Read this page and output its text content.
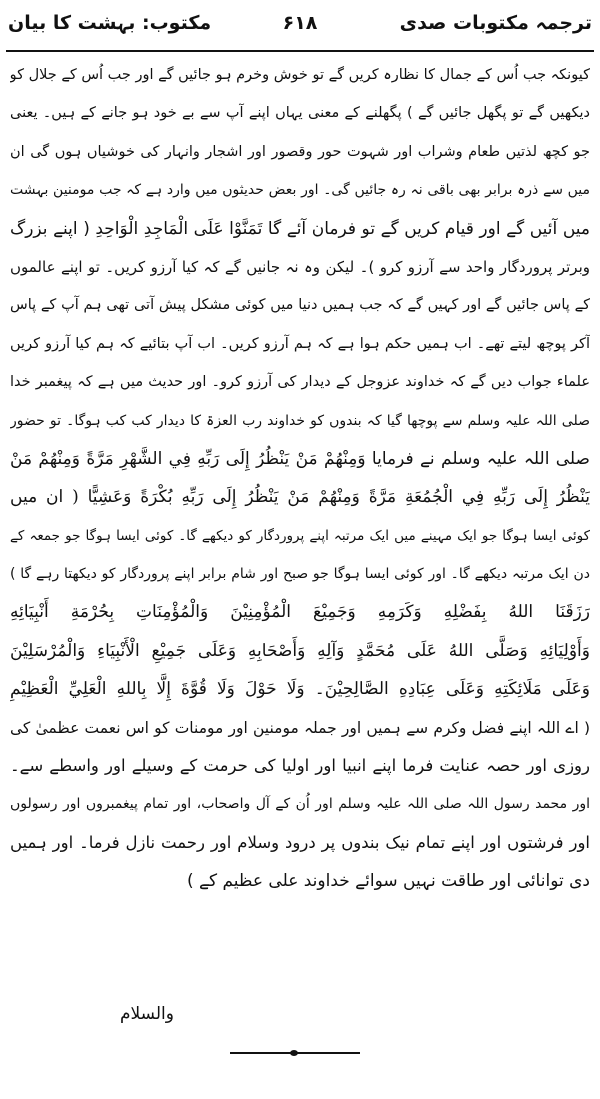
ترجمہ مکتوبات صدی
۶۱۸
مکتوب: بہشت کا بیان
کیونکہ جب اُس کے جمال کا نظارہ کریں گے تو خوش وخرم ہو جائیں گے اور جب اُس کے جلال کو
دیکھیں گے تو پگھل جائیں گے ) پگھلنے کے معنی یہاں اپنے آپ سے بے خود ہو جانے کے ہیں۔ یعنی
جو کچھ لذتیں طعام وشراب اور شہوت حور وقصور اور اشجار وانہار کی خوشیاں ہوں گی ان
میں سے ذرہ برابر بھی باقی نہ رہ جائیں گی۔ اور بعض حدیثوں میں وارد ہے کہ جب مومنین بہشت
میں آئیں گے اور قیام کریں گے تو فرمان آئے گا تَمَنَّوْا عَلَى الْمَاجِدِ الْوَاحِدِ ( اپنے بزرگ
وبرتر پروردگار واحد سے آرزو کرو )۔ لیکن وہ نہ جانیں گے کہ کیا آرزو کریں۔ تو اپنے عالموں
کے پاس جائیں گے اور کہیں گے کہ جب ہمیں دنیا میں کوئی مشکل پیش آتی تھی ہم آپ کے پاس
آکر پوچھ لیتے تھے۔ اب ہمیں حکم ہوا ہے کہ ہم آرزو کریں۔ اب آپ بتائیے کہ ہم کیا آرزو کریں
علماء جواب دیں گے کہ خداوند عزوجل کے دیدار کی آرزو کرو۔ اور حدیث میں ہے کہ پیغمبر خدا
صلی اللہ علیہ وسلم سے پوچھا گیا کہ بندوں کو خداوند رب العزۃ کا دیدار کب کب ہوگا۔ تو حضور
صلی اللہ علیہ وسلم نے فرمایا وَمِنْهُمْ مَنْ يَنْظُرُ إِلَى رَبِّهِ فِي الشَّهْرِ مَرَّةً وَمِنْهُمْ مَنْ
يَنْظُرُ إِلَى رَبِّهِ فِي الْجُمُعَةِ مَرَّةً وَمِنْهُمْ مَنْ يَنْظُرُ إِلَى رَبِّهِ بُكْرَةً وَعَشِيًّا ( ان میں
کوئی ایسا ہوگا جو ایک مہینے میں ایک مرتبہ اپنے پروردگار کو دیکھے گا۔ کوئی ایسا ہوگا جو جمعہ کے
دن ایک مرتبہ دیکھے گا۔ اور کوئی ایسا ہوگا جو صبح اور شام برابر اپنے پروردگار کو دیکھتا رہے گا )
رَزَقَنَا اللهُ بِفَضْلِهِ وَكَرَمِهِ وَجَمِيْعَ الْمُؤْمِنِيْنَ وَالْمُؤْمِنَاتِ بِحُرْمَةِ أَنْبِيَائِهِ
وَأَوْلِيَائِهِ وَصَلَّى اللهُ عَلَى مُحَمَّدٍ وَآلِهِ وَأَصْحَابِهِ وَعَلَى جَمِيْعِ الْأَنْبِيَاءِ وَالْمُرْسَلِيْنَ
وَعَلَى مَلَائِكَتِهِ وَعَلَى عِبَادِهِ الصَّالِحِيْنَ۔ وَلَا حَوْلَ وَلَا قُوَّةَ إِلَّا بِاللهِ الْعَلِيِّ الْعَظِيْمِ
( اے اللہ اپنے فضل وکرم سے ہمیں اور جملہ مومنین اور مومنات کو اس نعمت عظمیٰ کی
روزی اور حصہ عنایت فرما اپنے انبیا اور اولیا کی حرمت کے وسیلے اور واسطے سے۔
اور محمد رسول اللہ صلی اللہ علیہ وسلم اور اُن کے آل واصحاب، اور تمام پیغمبروں اور رسولوں
اور فرشتوں اور اپنے تمام نیک بندوں پر درود وسلام اور رحمت نازل فرما۔ اور ہمیں
دی توانائی اور طاقت نہیں سوائے خداوند علی عظیم کے )
والسلام
